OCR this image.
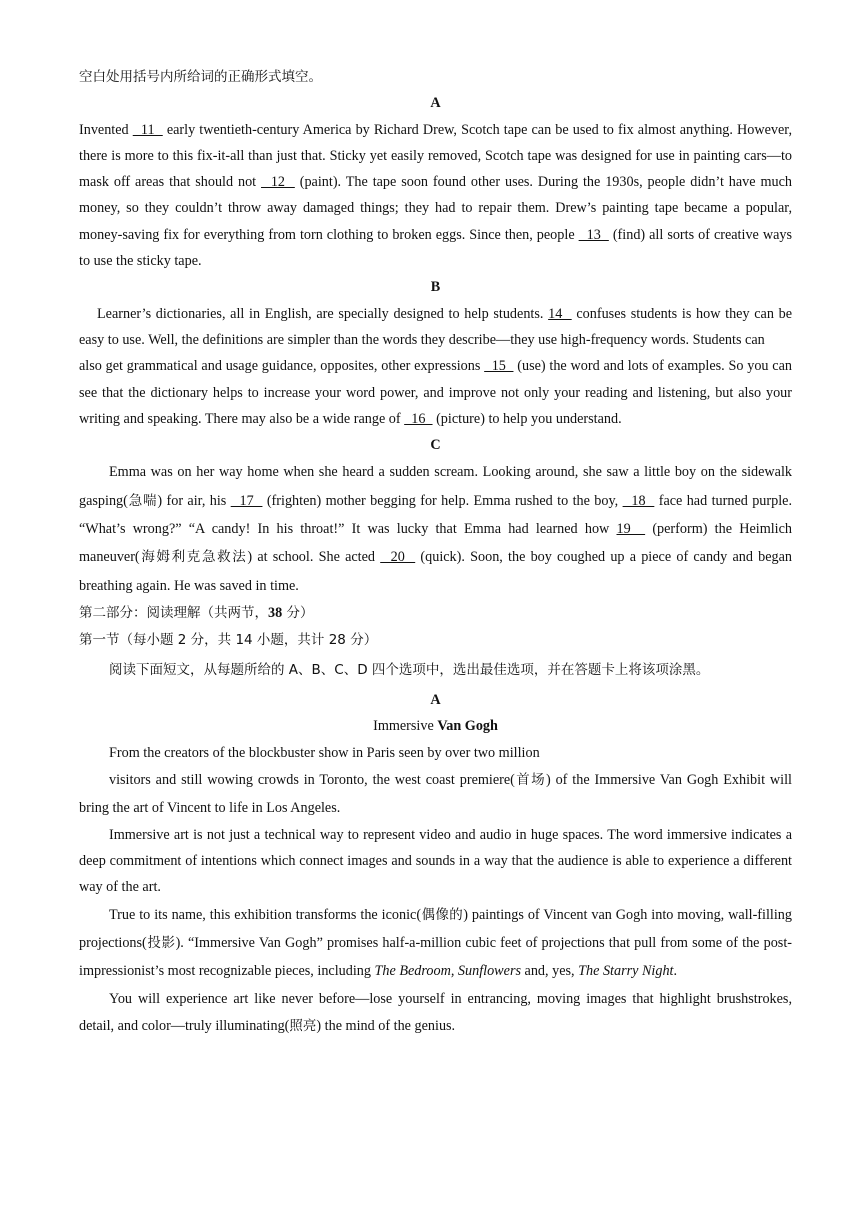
空白处用括号内所给词的正确形式填空。

A

Invented   11   early twentieth-century America by Richard Drew, Scotch tape can be used to fix almost anything. However, there is more to this fix-it-all than just that. Sticky yet easily removed, Scotch tape was designed for use in painting cars—to mask off areas that should not   12   (paint). The tape soon found other uses. During the 1930s, people didn’t have much money, so they couldn’t throw away damaged things; they had to repair them. Drew’s painting tape became a popular, money-saving fix for everything from torn clothing to broken eggs. Since then, people   13   (find) all sorts of creative ways to use the sticky tape.

B

Learner’s dictionaries, all in English, are specially designed to help students. 14   confuses students is how they can be easy to use. Well, the definitions are simpler than the words they describe—they use high-frequency words. Students can

also get grammatical and usage guidance, opposites, other expressions   15   (use) the word and lots of examples. So you can see that the dictionary helps to increase your word power, and improve not only your reading and listening, but also your writing and speaking. There may also be a wide range of   16   (picture) to help you understand.

C

Emma was on her way home when she heard a sudden scream. Looking around, she saw a little boy on the sidewalk gasping(急喘) for air, his   17   (frighten) mother begging for help. Emma rushed to the boy,   18   face had turned purple. “What’s wrong?” “A candy! In his throat!” It was lucky that Emma had learned how 19   (perform) the Heimlich maneuver(海姆利克急救法) at school. She acted   20   (quick). Soon, the boy coughed up a piece of candy and began breathing again. He was saved in time.

第二部分：阅读理解（共两节，38 分）

第一节（每小题 2 分，共 14 小题，共计 28 分）

阅读下面短文，从每题所给的 A、B、C、D 四个选项中，选出最佳选项，并在答题卡上将该项涂黑。

A

Immersive Van Gogh

From the creators of the blockbuster show in Paris seen by over two million

visitors and still wowing crowds in Toronto, the west coast premiere(首场) of the Immersive Van Gogh Exhibit will bring the art of Vincent to life in Los Angeles.

Immersive art is not just a technical way to represent video and audio in huge spaces. The word immersive indicates a deep commitment of intentions which connect images and sounds in a way that the audience is able to experience a different way of the art.

True to its name, this exhibition transforms the iconic(偶像的) paintings of Vincent van Gogh into moving, wall-filling projections(投影). “Immersive Van Gogh” promises half-a-million cubic feet of projections that pull from some of the post-impressionist’s most recognizable pieces, including The Bedroom, Sunflowers and, yes, The Starry Night.

You will experience art like never before—lose yourself in entrancing, moving images that highlight brushstrokes, detail, and color—truly illuminating(照亮) the mind of the genius.
